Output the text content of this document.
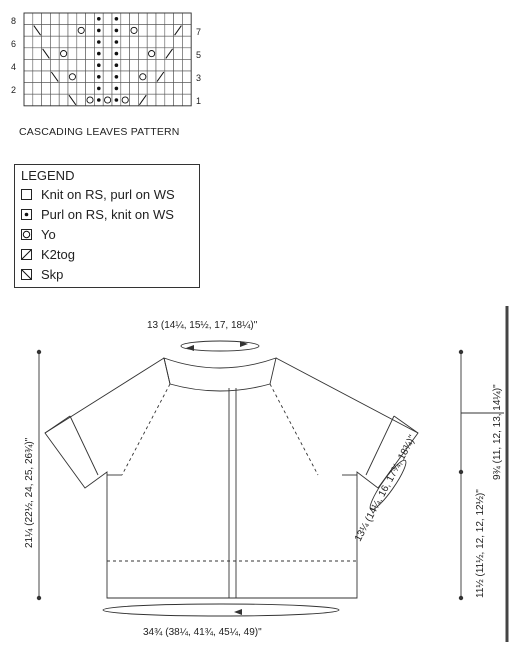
8
6
4
2
7
5
3
1
CASCADING LEAVES PATTERN
13 (14¼, 15½, 17, 18¼)"
34¾ (38¼, 41¾, 45¼, 49)"
21¼ (22½, 24, 25, 26¾)"
9¾ (11, 12, 13, 14¼)"
11½ (11½, 12, 12, 12½)"
13¼ (14¼, 16, 17¾, 18¾)"
LEGEND
Knit on RS, purl on WS
Purl on RS, knit on WS
Yo
K2tog
Skp
